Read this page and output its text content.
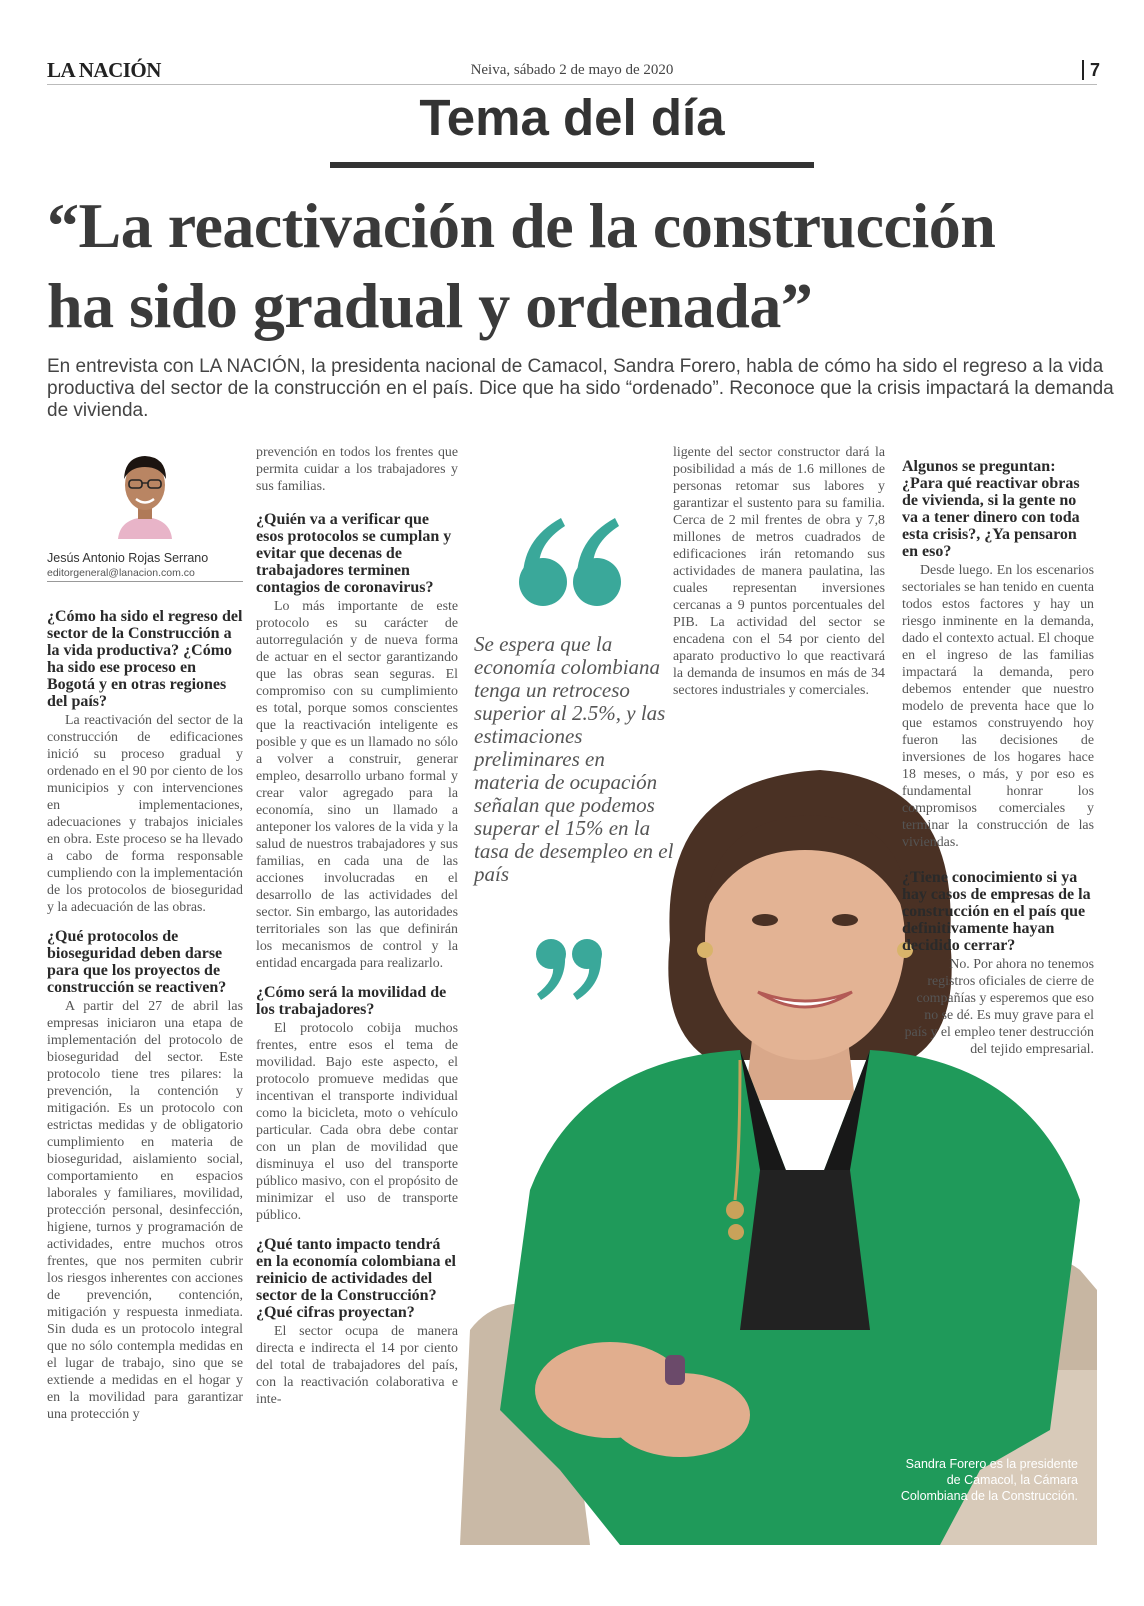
LA NACIÓN	Neiva, sábado 2 de mayo de 2020	7
Tema del día
“La reactivación de la construcción
ha sido gradual y ordenada”
En entrevista con LA NACIÓN, la presidenta nacional de Camacol, Sandra Forero, habla de cómo ha sido el regreso a la vida productiva del sector de la construcción en el país. Dice que ha sido “ordenado”. Reconoce que la crisis impactará la demanda de vivienda.
Jesús Antonio Rojas Serrano
editorgeneral@lanacion.com.co
¿Cómo ha sido el regreso del sector de la Construcción a la vida productiva? ¿Cómo ha sido ese proceso en Bogotá y en otras regiones del país?

La reactivación del sector de la construcción de edificaciones inició su proceso gradual y ordenado en el 90 por ciento de los municipios y con intervenciones en implementaciones, adecuaciones y trabajos iniciales en obra. Este proceso se ha llevado a cabo de forma responsable cumpliendo con la implementación de los protocolos de bioseguridad y la adecuación de las obras.

¿Qué protocolos de bioseguridad deben darse para que los proyectos de construcción se reactiven?

A partir del 27 de abril las empresas iniciaron una etapa de implementación del protocolo de bioseguridad del sector. Este protocolo tiene tres pilares: la prevención, la contención y mitigación. Es un protocolo con estrictas medidas y de obligatorio cumplimiento en materia de bioseguridad, aislamiento social, comportamiento en espacios laborales y familiares, movilidad, protección personal, desinfección, higiene, turnos y programación de actividades, entre muchos otros frentes, que nos permiten cubrir los riesgos inherentes con acciones de prevención, contención, mitigación y respuesta inmediata. Sin duda es un protocolo integral que no sólo contempla medidas en el lugar de trabajo, sino que se extiende a medidas en el hogar y en la movilidad para garantizar una protección y

prevención en todos los frentes que permita cuidar a los trabajadores y sus familias.

¿Quién va a verificar que esos protocolos se cumplan y evitar que decenas de trabajadores terminen contagios de coronavirus?

Lo más importante de este protocolo es su carácter de autorregulación y de nueva forma de actuar en el sector garantizando que las obras sean seguras. El compromiso con su cumplimiento es total, porque somos conscientes que la reactivación inteligente es posible y que es un llamado no sólo a volver a construir, generar empleo, desarrollo urbano formal y crear valor agregado para la economía, sino un llamado a anteponer los valores de la vida y la salud de nuestros trabajadores y sus familias, en cada una de las acciones involucradas en el desarrollo de las actividades del sector. Sin embargo, las autoridades territoriales son las que definirán los mecanismos de control y la entidad encargada para realizarlo.

¿Cómo será la movilidad de los trabajadores?

El protocolo cobija muchos frentes, entre esos el tema de movilidad. Bajo este aspecto, el protocolo promueve medidas que incentivan el transporte individual como la bicicleta, moto o vehículo particular. Cada obra debe contar con un plan de movilidad que disminuya el uso del transporte público masivo, con el propósito de minimizar el uso de transporte público.

¿Qué tanto impacto tendrá en la economía colombiana el reinicio de actividades del sector de la Construcción? ¿Qué cifras proyectan?

El sector ocupa de manera directa e indirecta el 14 por ciento del total de trabajadores del país, con la reactivación colaborativa e inte-

Se espera que la economía colombiana tenga un retroceso superior al 2.5%, y las estimaciones preliminares en materia de ocupación señalan que podemos superar el 15% en la tasa de desempleo en el país

ligente del sector constructor dará la posibilidad a más de 1.6 millones de personas retomar sus labores y garantizar el sustento para su familia. Cerca de 2 mil frentes de obra y 7,8 millones de metros cuadrados de edificaciones irán retomando sus actividades de manera paulatina, las cuales representan inversiones cercanas a 9 puntos porcentuales del PIB. La actividad del sector se encadena con el 54 por ciento del aparato productivo lo que reactivará la demanda de insumos en más de 34 sectores industriales y comerciales.

Sandra Forero es la presidente de Camacol, la Cámara Colombiana de la Construcción.
Algunos se preguntan: ¿Para qué reactivar obras de vivienda, si la gente no va a tener dinero con toda esta crisis?, ¿Ya pensaron en eso?

Desde luego. En los escenarios sectoriales se han tenido en cuenta todos estos factores y hay un riesgo inminente en la demanda, dado el contexto actual. El choque en el ingreso de las familias impactará la demanda, pero debemos entender que nuestro modelo de preventa hace que lo que estamos construyendo hoy fueron las decisiones de inversiones de los hogares hace 18 meses, o más, y por eso es fundamental honrar los compromisos comerciales y terminar la construcción de las viviendas.

¿Tiene conocimiento si ya hay casos de empresas de la construcción en el país que definitivamente hayan decidido cerrar?

No. Por ahora no tenemos registros oficiales de cierre de compañías y esperemos que eso no se dé. Es muy grave para el país y el empleo tener destrucción del tejido empresarial.
